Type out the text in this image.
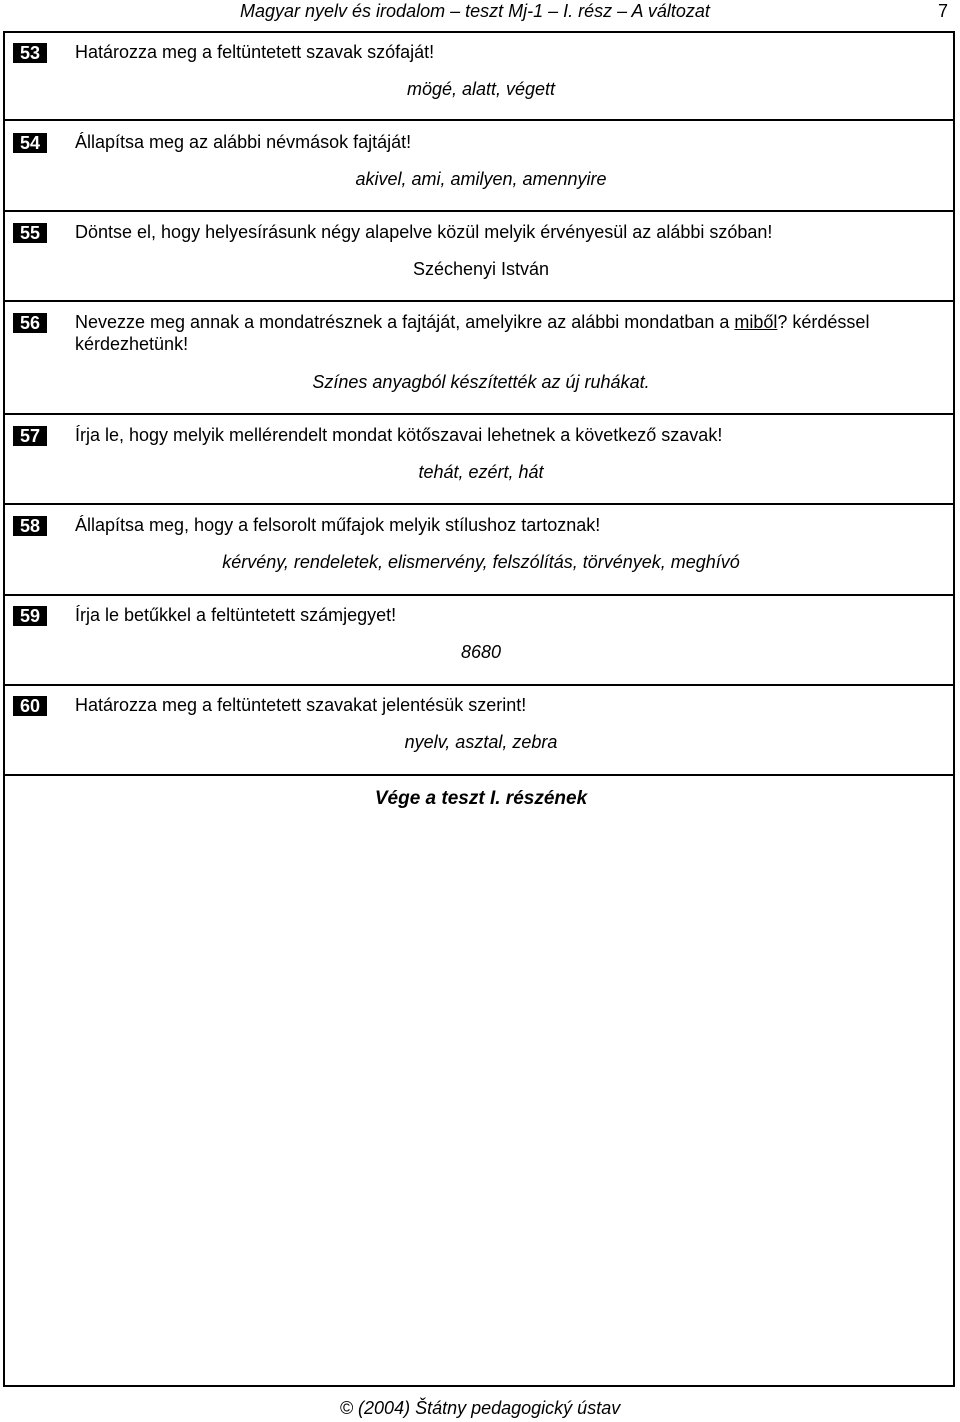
Magyar nyelv és irodalom – teszt Mj-1 – I. rész – A változat	7
53	Határozza meg a feltüntetett szavak szófaját!
mögé, alatt, végett
54	Állapítsa meg az alábbi névmások fajtáját!
akivel, ami, amilyen, amennyire
55	Döntse el, hogy helyesírásunk négy alapelve közül melyik érvényesül az alábbi szóban!
Széchenyi István
56	Nevezze meg annak a mondatrésznek a fajtáját, amelyikre az alábbi mondatban a miből? kérdéssel kérdezhetünk!
Színes anyagból készítették az új ruhákat.
57	Írja le, hogy melyik mellérendelt mondat kötőszavai lehetnek a következő szavak!
tehát, ezért, hát
58	Állapítsa meg, hogy a felsorolt műfajok melyik stílushoz tartoznak!
kérvény, rendeletek, elismervény, felszólítás, törvények, meghívó
59	Írja le betűkkel a feltüntetett számjegyet!
8680
60	Határozza meg a feltüntetett szavakat jelentésük szerint!
nyelv, asztal, zebra
Vége a teszt I. részének
© (2004) Štátny pedagogický ústav
